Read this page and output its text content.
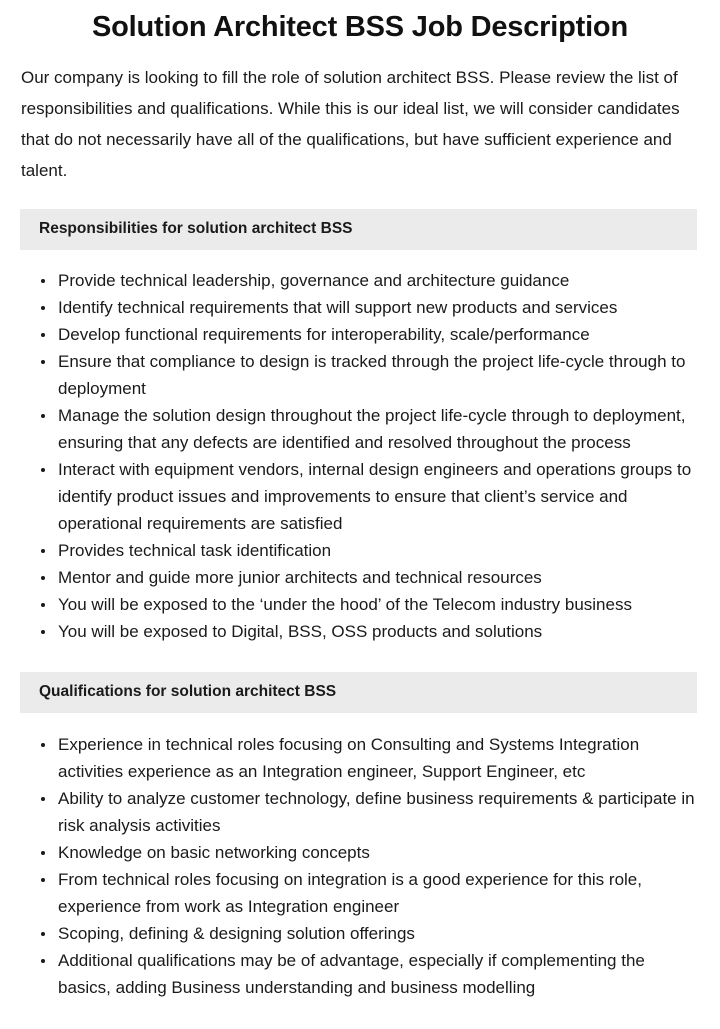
Solution Architect BSS Job Description

Our company is looking to fill the role of solution architect BSS. Please review the list of responsibilities and qualifications. While this is our ideal list, we will consider candidates that do not necessarily have all of the qualifications, but have sufficient experience and talent.

Responsibilities for solution architect BSS
Provide technical leadership, governance and architecture guidance
Identify technical requirements that will support new products and services
Develop functional requirements for interoperability, scale/performance
Ensure that compliance to design is tracked through the project life-cycle through to deployment
Manage the solution design throughout the project life-cycle through to deployment, ensuring that any defects are identified and resolved throughout the process
Interact with equipment vendors, internal design engineers and operations groups to identify product issues and improvements to ensure that client’s service and operational requirements are satisfied
Provides technical task identification
Mentor and guide more junior architects and technical resources
You will be exposed to the ‘under the hood’ of the Telecom industry business
You will be exposed to Digital, BSS, OSS products and solutions
Qualifications for solution architect BSS
Experience in technical roles focusing on Consulting and Systems Integration activities experience as an Integration engineer, Support Engineer, etc
Ability to analyze customer technology, define business requirements & participate in risk analysis activities
Knowledge on basic networking concepts
From technical roles focusing on integration is a good experience for this role, experience from work as Integration engineer
Scoping, defining & designing solution offerings
Additional qualifications may be of advantage, especially if complementing the basics, adding Business understanding and business modelling
